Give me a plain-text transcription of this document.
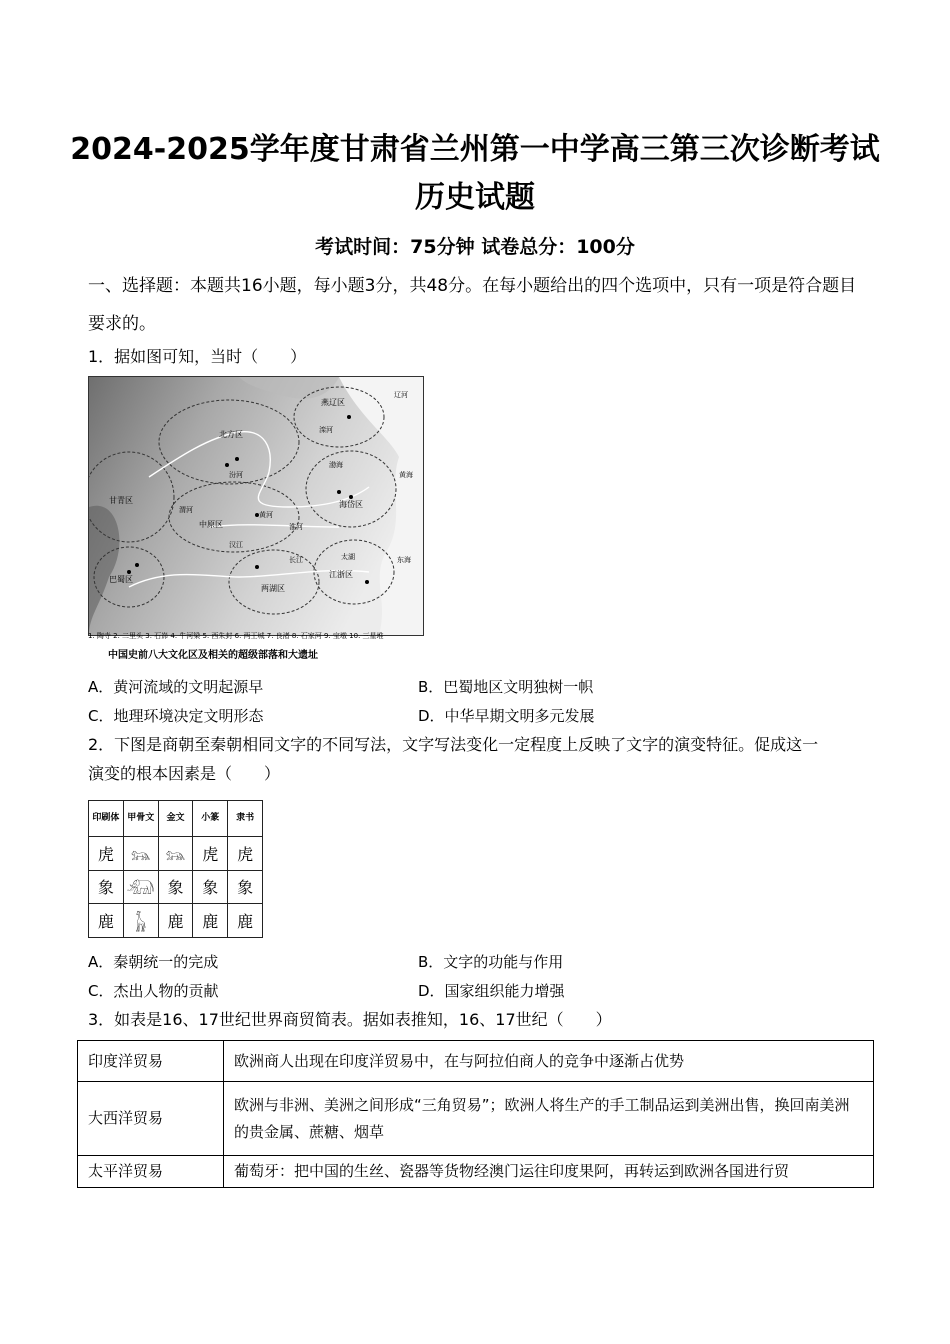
2024-2025学年度甘肃省兰州第一中学高三第三次诊断考试
历史试题
考试时间：75分钟 试卷总分：100分
一、选择题：本题共16小题，每小题3分，共48分。在每小题给出的四个选项中，只有一项是符合题目要求的。
1．据如图可知，当时（　　）
燕辽区
北方区
甘青区
中原区
海岱区
巴蜀区
两湖区
江浙区
黄海
东海
渤海
辽河
滦河
黄河
渭河
淮河
汾河
汉江
长江	太湖
1. 陶寺 2. 二里头 3. 石峁 4. 牛河梁 5. 西朱封 6. 两王城 7. 良渚 8. 石家河 9. 宝墩 10. 三星堆
中国史前八大文化区及相关的超级部落和大遗址
A．黄河流域的文明起源早	B．巴蜀地区文明独树一帜
C．地理环境决定文明形态	D．中华早期文明多元发展
2．下图是商朝至秦朝相同文字的不同写法，文字写法变化一定程度上反映了文字的演变特征。促成这一
演变的根本因素是（　　）
印刷体	甲骨文	金文	小篆	隶书
虎	𓃬	𓃬	虎	虎
象	𓃰	象	象	象
鹿	𓃱	鹿	鹿	鹿
A．秦朝统一的完成	B．文字的功能与作用
C．杰出人物的贡献	D．国家组织能力增强
3．如表是16、17世纪世界商贸简表。据如表推知，16、17世纪（　　）
印度洋贸易	欧洲商人出现在印度洋贸易中，在与阿拉伯商人的竞争中逐渐占优势
大西洋贸易	欧洲与非洲、美洲之间形成“三角贸易”；欧洲人将生产的手工制品运到美洲出售，换回南美洲的贵金属、蔗糖、烟草
太平洋贸易	葡萄牙：把中国的生丝、瓷器等货物经澳门运往印度果阿，再转运到欧洲各国进行贸
